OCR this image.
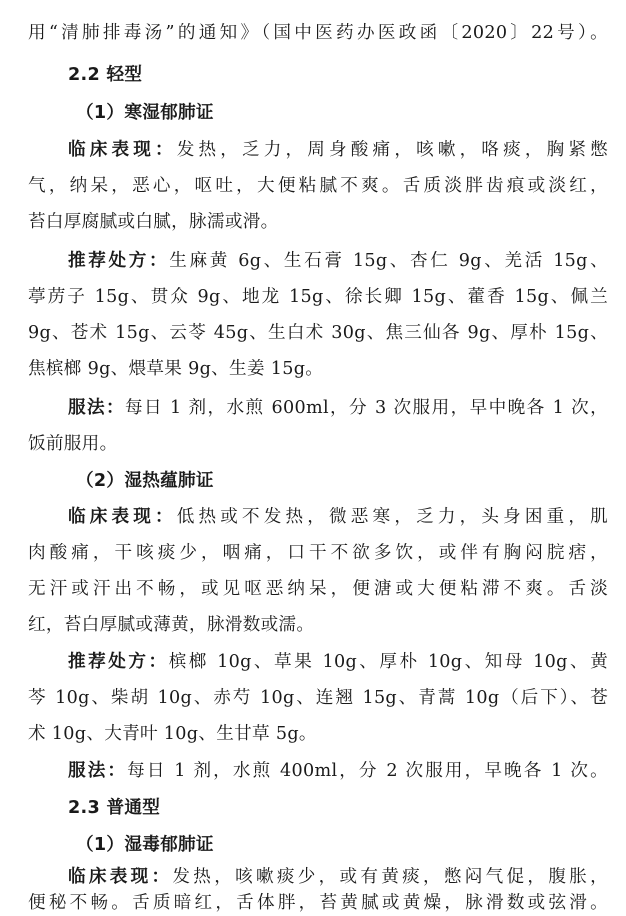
用“清肺排毒汤”的通知》（国中医药办医政函〔2020〕22号）。
2.2 轻型
（1）寒湿郁肺证
临床表现：发热，乏力，周身酸痛，咳嗽，咯痰，胸紧憋
气，纳呆，恶心，呕吐，大便粘腻不爽。舌质淡胖齿痕或淡红，
苔白厚腐腻或白腻，脉濡或滑。
推荐处方：生麻黄 6g、生石膏 15g、杏仁 9g、羌活 15g、
葶苈子 15g、贯众 9g、地龙 15g、徐长卿 15g、藿香 15g、佩兰
9g、苍术 15g、云苓 45g、生白术 30g、焦三仙各 9g、厚朴 15g、
焦槟榔 9g、煨草果 9g、生姜 15g。
服法：每日 1 剂，水煎 600ml，分 3 次服用，早中晚各 1 次，
饭前服用。
（2）湿热蕴肺证
临床表现：低热或不发热，微恶寒，乏力，头身困重，肌
肉酸痛，干咳痰少，咽痛，口干不欲多饮，或伴有胸闷脘痞，
无汗或汗出不畅，或见呕恶纳呆，便溏或大便粘滞不爽。舌淡
红，苔白厚腻或薄黄，脉滑数或濡。
推荐处方：槟榔 10g、草果 10g、厚朴 10g、知母 10g、黄
芩 10g、柴胡 10g、赤芍 10g、连翘 15g、青蒿 10g（后下）、苍
术 10g、大青叶 10g、生甘草 5g。
服法：每日 1 剂，水煎 400ml，分 2 次服用，早晚各 1 次。
2.3 普通型
（1）湿毒郁肺证
临床表现：发热，咳嗽痰少，或有黄痰，憋闷气促，腹胀，
便秘不畅。舌质暗红，舌体胖，苔黄腻或黄燥，脉滑数或弦滑。
